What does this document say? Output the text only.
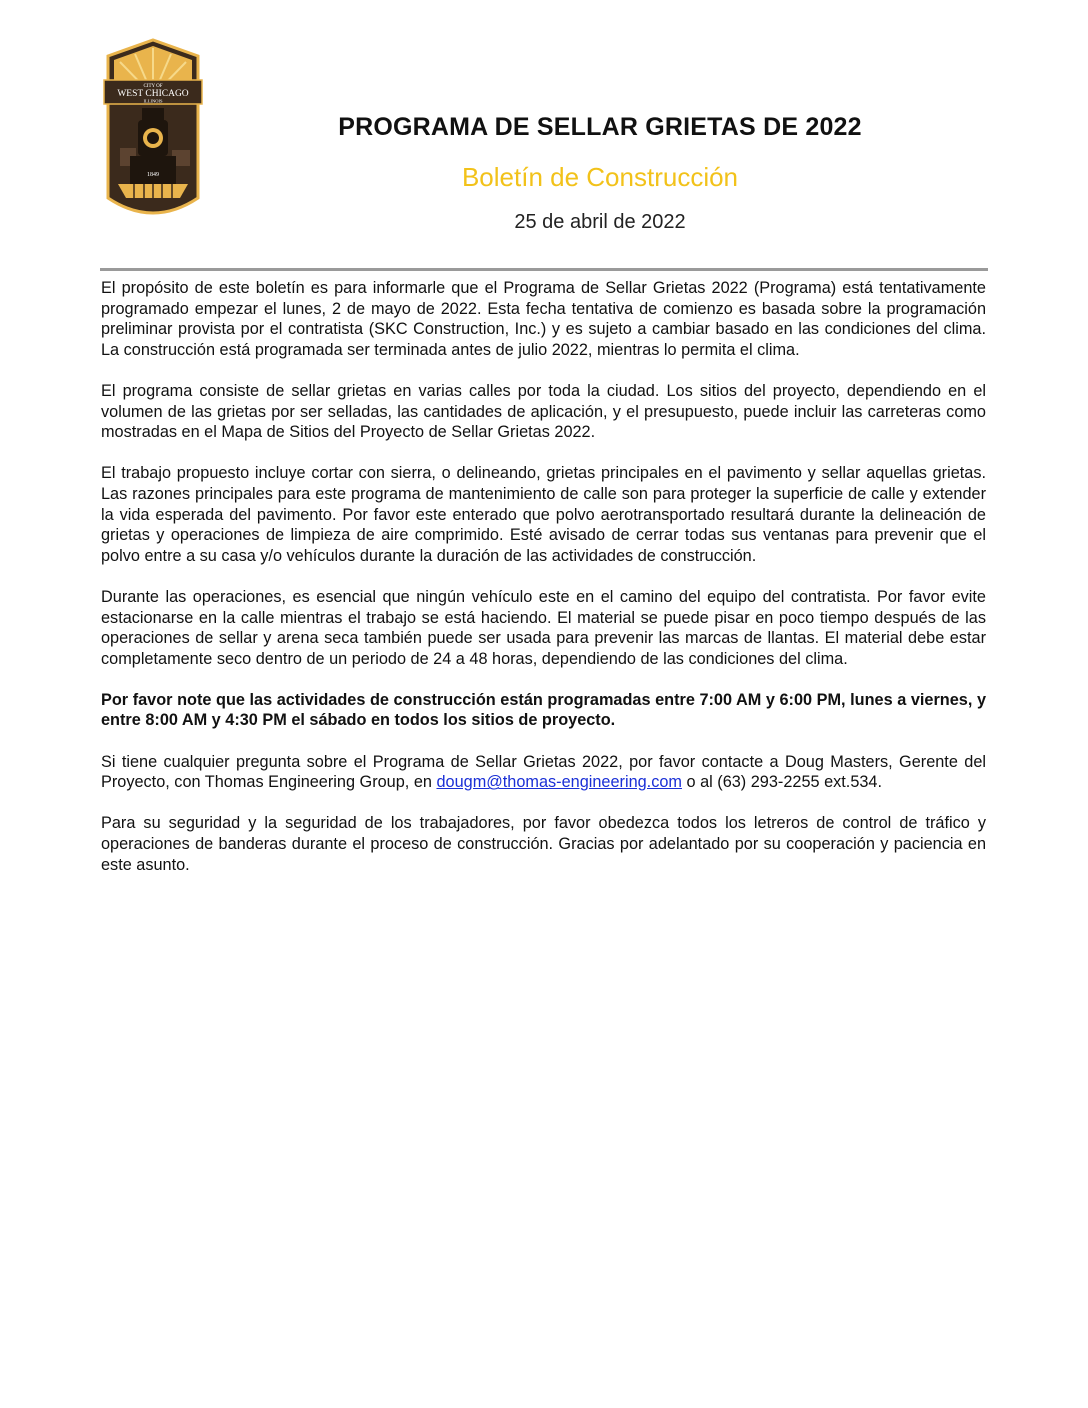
CITY OF
WEST CHICAGO
ILLINOIS
1849
PROGRAMA DE SELLAR GRIETAS DE 2022
Boletín de Construcción
25 de abril de 2022

El propósito de este boletín es para informarle que el Programa de Sellar Grietas 2022 (Programa) está tentativamente programado empezar el lunes, 2 de mayo de 2022. Esta fecha tentativa de comienzo es basada sobre la programación preliminar provista por el contratista (SKC Construction, Inc.) y es sujeto a cambiar basado en las condiciones del clima. La construcción está programada ser terminada antes de julio 2022, mientras lo permita el clima.

El programa consiste de sellar grietas en varias calles por toda la ciudad. Los sitios del proyecto, dependiendo en el volumen de las grietas por ser selladas, las cantidades de aplicación, y el presupuesto, puede incluir las carreteras como mostradas en el Mapa de Sitios del Proyecto de Sellar Grietas 2022.

El trabajo propuesto incluye cortar con sierra, o delineando, grietas principales en el pavimento y sellar aquellas grietas. Las razones principales para este programa de mantenimiento de calle son para proteger la superficie de calle y extender la vida esperada del pavimento. Por favor este enterado que polvo aerotransportado resultará durante la delineación de grietas y operaciones de limpieza de aire comprimido. Esté avisado de cerrar todas sus ventanas para prevenir que el polvo entre a su casa y/o vehículos durante la duración de las actividades de construcción.

Durante las operaciones, es esencial que ningún vehículo este en el camino del equipo del contratista. Por favor evite estacionarse en la calle mientras el trabajo se está haciendo. El material se puede pisar en poco tiempo después de las operaciones de sellar y arena seca también puede ser usada para prevenir las marcas de llantas. El material debe estar completamente seco dentro de un periodo de 24 a 48 horas, dependiendo de las condiciones del clima.

Por favor note que las actividades de construcción están programadas entre 7:00 AM y 6:00 PM, lunes a viernes, y entre 8:00 AM y 4:30 PM el sábado en todos los sitios de proyecto.

Si tiene cualquier pregunta sobre el Programa de Sellar Grietas 2022, por favor contacte a Doug Masters, Gerente del Proyecto, con Thomas Engineering Group, en dougm@thomas-engineering.com o al (63) 293-2255 ext.534.

Para su seguridad y la seguridad de los trabajadores, por favor obedezca todos los letreros de control de tráfico y operaciones de banderas durante el proceso de construcción. Gracias por adelantado por su cooperación y paciencia en este asunto.
